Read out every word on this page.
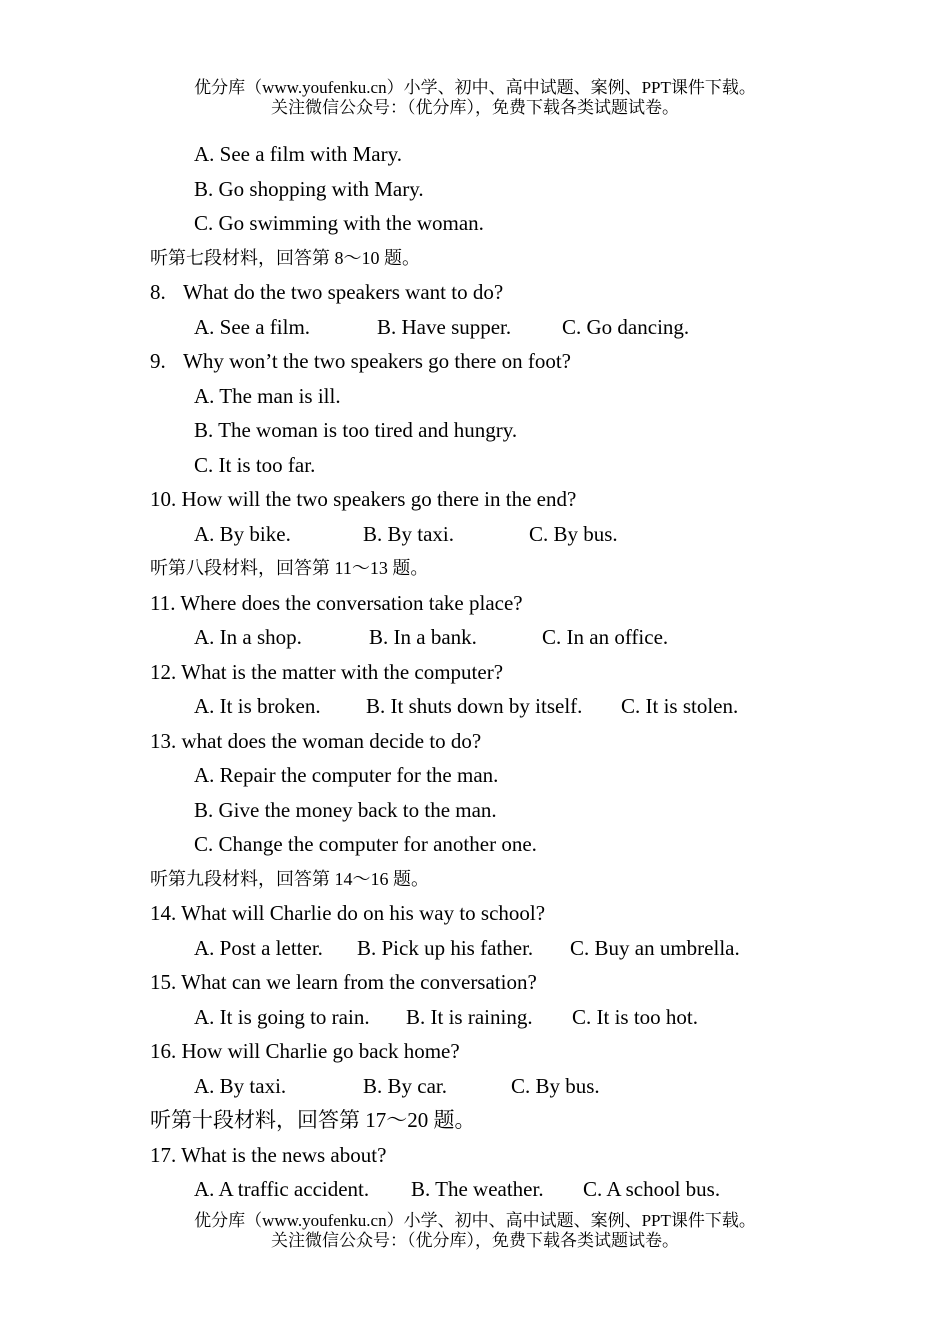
优分库（www.youfenku.cn）小学、初中、高中试题、案例、PPT课件下载。
关注微信公众号：（优分库），免费下载各类试题试卷。
A. See a film with Mary.
B. Go shopping with Mary.
C. Go swimming with the woman.
听第七段材料，回答第 8～10 题。
8. What do the two speakers want to do?
A. See a film.	B. Have supper. C. Go dancing.
9. Why won’t the two speakers go there on foot?
A. The man is ill.
B. The woman is too tired and hungry.
C. It is too far.
10. How will the two speakers go there in the end?
A. By bike.	B. By taxi.	C. By bus.
听第八段材料，回答第 11～13 题。
11. Where does the conversation take place?
A. In a shop.	B. In a bank.	C. In an office.
12. What is the matter with the computer?
A. It is broken. B. It shuts down by itself. C. It is stolen.
13. what does the woman decide to do?
A. Repair the computer for the man.
B. Give the money back to the man.
C. Change the computer for another one.
听第九段材料，回答第 14～16 题。
14. What will Charlie do on his way to school?
A. Post a letter. B. Pick up his father. C. Buy an umbrella.
15. What can we learn from the conversation?
A. It is going to rain. B. It is raining. C. It is too hot.
16. How will Charlie go back home?
A. By taxi.	B. By car.	C. By bus.
听第十段材料，回答第 17～20 题。
17. What is the news about?
A. A traffic accident. B. The weather. C. A school bus.
优分库（www.youfenku.cn）小学、初中、高中试题、案例、PPT课件下载。
关注微信公众号：（优分库），免费下载各类试题试卷。
